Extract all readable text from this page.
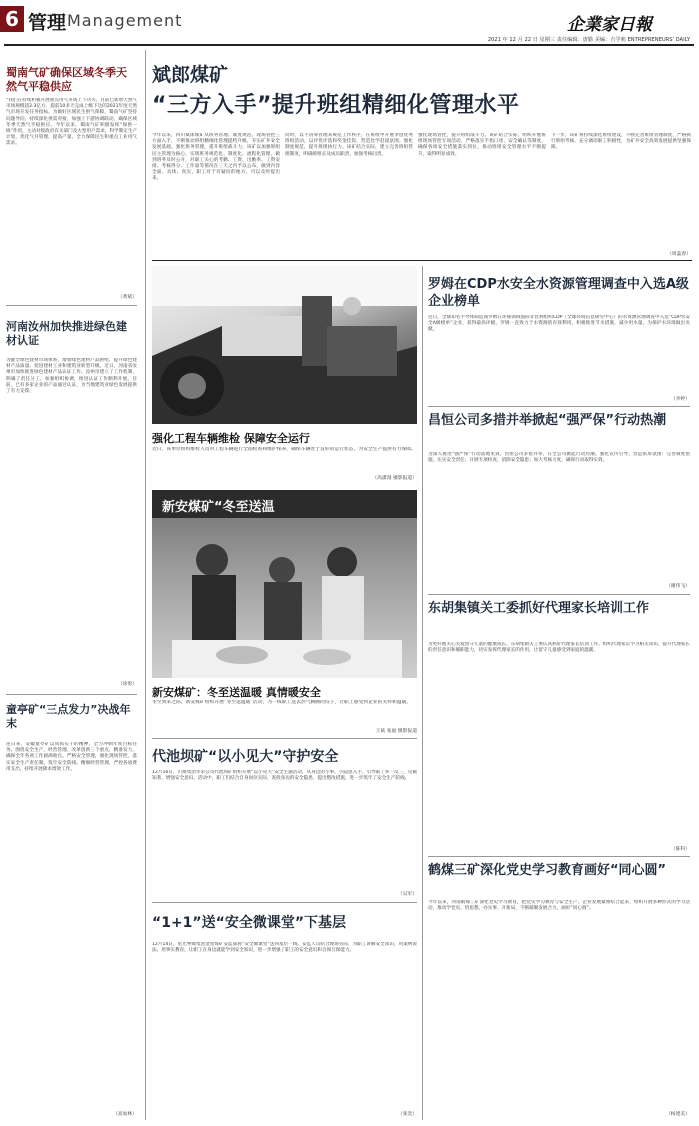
6 管理 Management	企業家日報
2021 年 12 月 22 日 星期三 责任编辑：唐勤 美编：吉学莉 ENTREPRENEURS' DAILY
蜀南气矿确保区域冬季天然气平稳供应
“我们在持续积极开展重点用气市场上下功夫，目前已新增天然气市场规模超2.3亿方，提前10多天完成上级下达的2021年度天然气市场开发任务指标。为做好区域民生供气保障，蜀南气矿坚持问题导向，持续深化供需对接，加强上下游协调联动，确保区域冬季天然气平稳供应。今年以来，蜀南气矿积极发挥“保供一线”作用，主动对接政府有关部门及大型用户需求，科学制定生产计划，优化气井管理，提高产量，全力保障民生和重点工业用气需求。
（黄斌）
河南汝州加快推进绿色建材认证
为健全绿色建材市场体系，增加绿色建材产品供给，提升绿色建材产品质量，促进建材工业和建筑业转型升级。近日，河南省汝州市加快推进绿色建材产品认证工作。汝州市建立了工作机制，明确了责任分工，加强组织协调，推进认证工作顺利开展。目前，已有多家企业的产品通过认证，为当地建筑业绿色发展提供了有力支撑。
（徐勇）
童亭矿“三点发力”决战年末
连日来，安徽童亭矿以真抓实干的精神，全力冲刺年度目标任务。围绕安全生产、经营管理、改革创新三个重点，精准发力，确保全年各项工作圆满收官。严格安全管理，强化现场管控，落实安全生产责任制，筑牢安全防线。精细经营管理，严控各项费用支出，持续开展降本增效工作。
（高加林）
斌郎煤矿
“三方入手”提升班组精细化管理水平
今年以来，四川斌郎煤矿从班务管理、制度规范、现场管控三方面入手，不断推动班组精细化管理提档升级，夯实矿井安全发展基础。强化班务管理，提升班组战斗力。该矿以加强班组民主管理为核心，实现班务规范化、制度化、流程化管理，做到班务及时公开，对职工关心的考勤、工资、出勤率、工资安排、考核得分、工作量等情况在三天之内予以公布，做到内容全面、具体、真实，职工对于有疑问的地方，可以及时提出来。
同时，以不清零管理来规范工作秩序，在班组中开展争创优秀班组活动，以评优评选和奖金挂钩，营造比学赶超氛围。强化制度规范，提升班组执行力。该矿结合实际，建立完善班组管理制度，明确班组长及成员职责，加强考核问责。
强化现场管控，提升班组战斗力。该矿结合实际，组织开展班组现场管控专项活动，严格落实手指口述、安全确认等制度，确保各项安全措施落实到位，推动班组安全管理水平不断提升，取得明显成效。
下一步，该矿将持续深化班组建设，不断完善班组管理制度，严格执行班组考核，充分调动职工积极性，为矿井安全高效发展提供坚强保障。
（周蕊春）
强化工程车辆维检 保障安全运行
近日，该单位组织维检人员对工程车辆进行全面检查和维护保养，确保车辆处于良好的运行状态，为安全生产提供有力保障。
（高潇漫 摄影报道）
新安煤矿“冬至送温
新安煤矿：冬至送温暖 真情暖安全
冬至到来之际，新安煤矿组织开展“冬至送温暖”活动，为一线职工送去热气腾腾的饺子，让职工感受到企业的关怀和温暖。
王斌 张福 摄影报道
代池坝矿“以小见大”守护安全
12月16日，川煤集团华荣公司代池坝矿组织开展“以小见大”安全主题活动，从身边的小事、小隐患入手，引导职工举一反三，见微知著，增强安全意识。活动中，职工们结合自身岗位实际，查找身边的安全隐患，提出整改措施，进一步筑牢了安全生产防线。
（吴军）
“1+1”送“安全微课堂”下基层
12月14日，星光粤煤集团金星煤矿安监部将“安全微课堂”送到基层一线。安监人员结合现场实际，为职工讲解安全知识，用案例说法，用事实教育，让职工在身边就能学到安全知识，进一步增强了职工的安全意识和自保互保能力。
（张奕）
罗姆在CDP水安全水资源管理调查中入选A级企业榜单
近日，全球知名半导体制造商罗姆在环保领域国际非营利组织CDP（全球环境信息研究中心）的水资源管理调查中入选“CDP水安全A级榜单”企业，获得最高评级。罗姆一直致力于水资源的有效利用，积极推进节水措施，减少用水量，为保护水环境做出贡献。
（李婷）
昌恒公司多措并举掀起“强严保”行动热潮
为深入推进“强严保”行动落地见效，昌恒公司多措并举，在全公司掀起行动热潮。强化宣传引导，营造浓厚氛围；完善制度措施，压实安全责任；开展专项检查，消除安全隐患；加大考核力度，确保行动取得实效。
（谢伟飞）
东胡集镇关工委抓好代理家长培训工作
为更好地关心关爱留守儿童的健康成长，东胡集镇关工委认真抓好代理家长培训工作。组织代理家长学习相关知识，提升代理家长的责任意识和履职能力，切实发挥代理家长的作用，让留守儿童感受到家庭的温暖。
（陈科）
鹤煤三矿深化党史学习教育画好“同心圆”
今年以来，河南鹤煤三矿深化党史学习教育，把党史学习教育与安全生产、企业发展紧密结合起来，组织开展多种形式的学习活动，推动学党史、悟思想、办实事、开新局，不断凝聚发展合力，画好“同心圆”。
（杨建美）
